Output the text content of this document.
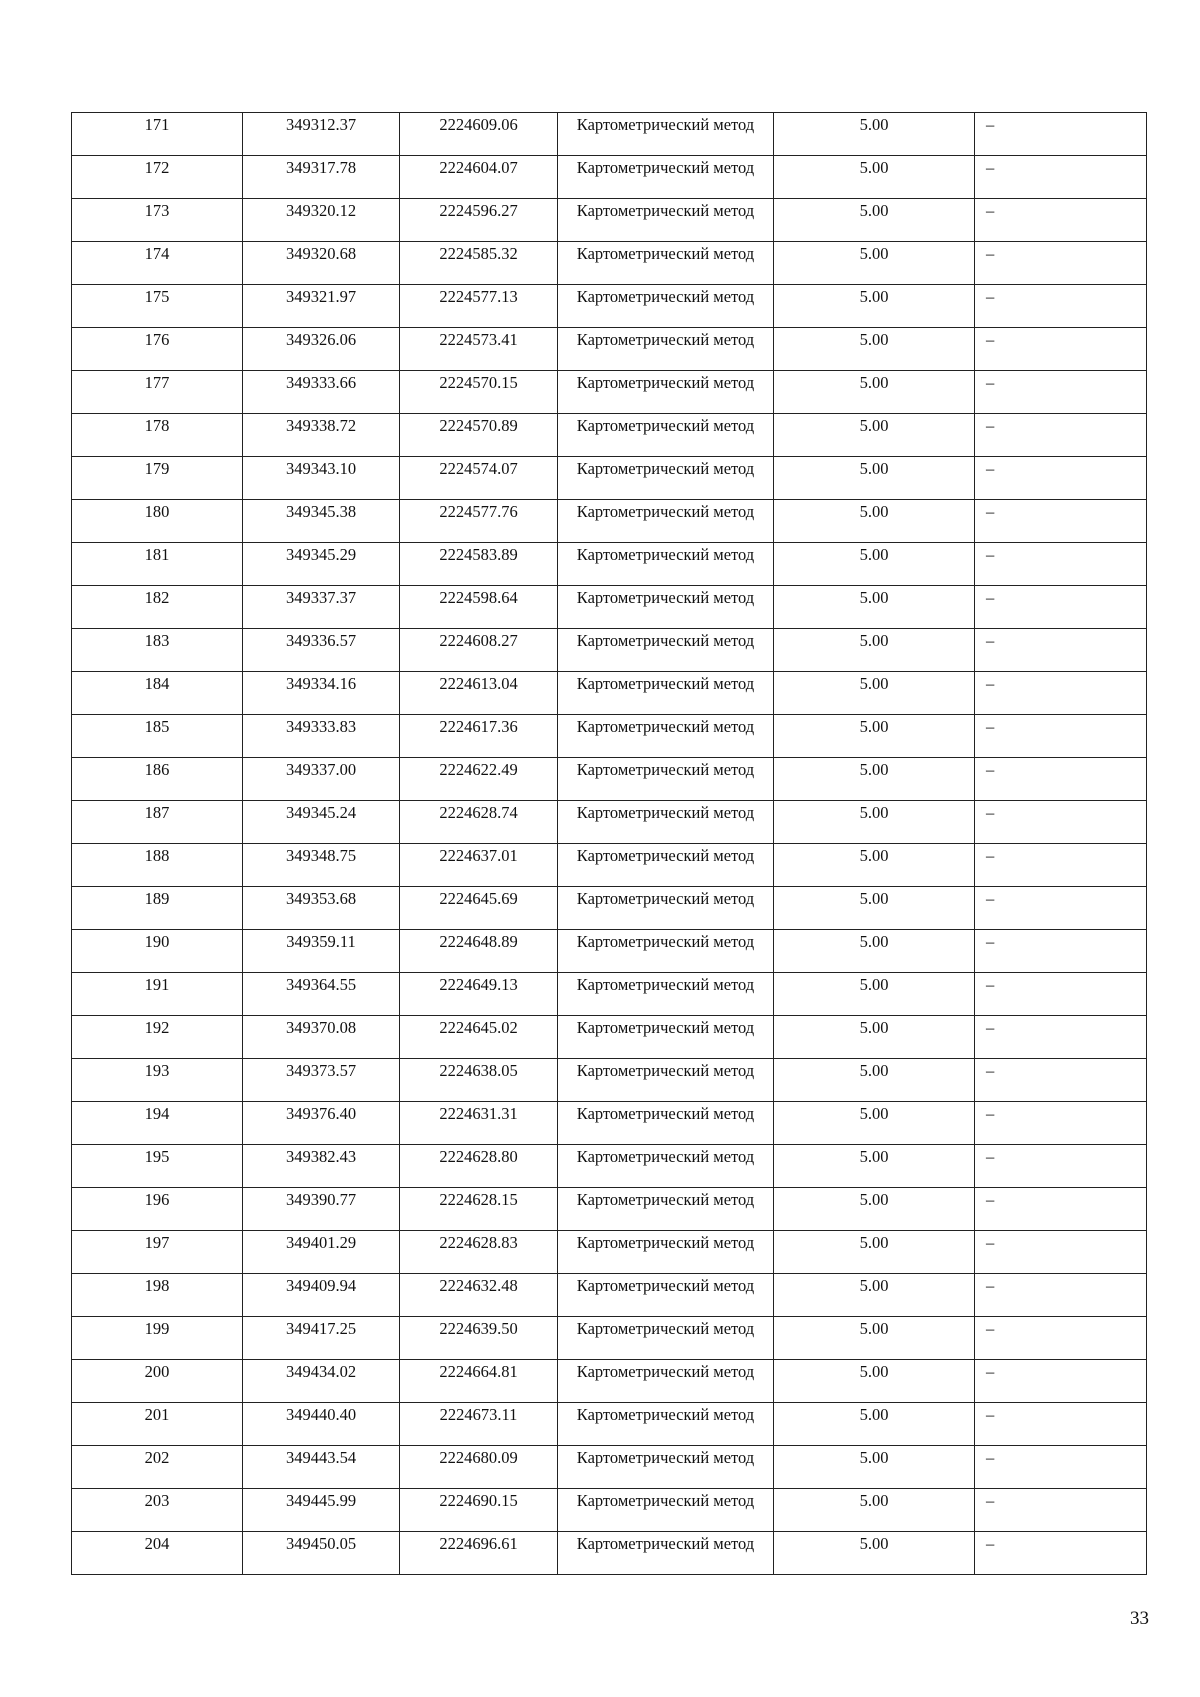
171	349312.37	2224609.06	Картометрический метод	5.00	–
172	349317.78	2224604.07	Картометрический метод	5.00	–
173	349320.12	2224596.27	Картометрический метод	5.00	–
174	349320.68	2224585.32	Картометрический метод	5.00	–
175	349321.97	2224577.13	Картометрический метод	5.00	–
176	349326.06	2224573.41	Картометрический метод	5.00	–
177	349333.66	2224570.15	Картометрический метод	5.00	–
178	349338.72	2224570.89	Картометрический метод	5.00	–
179	349343.10	2224574.07	Картометрический метод	5.00	–
180	349345.38	2224577.76	Картометрический метод	5.00	–
181	349345.29	2224583.89	Картометрический метод	5.00	–
182	349337.37	2224598.64	Картометрический метод	5.00	–
183	349336.57	2224608.27	Картометрический метод	5.00	–
184	349334.16	2224613.04	Картометрический метод	5.00	–
185	349333.83	2224617.36	Картометрический метод	5.00	–
186	349337.00	2224622.49	Картометрический метод	5.00	–
187	349345.24	2224628.74	Картометрический метод	5.00	–
188	349348.75	2224637.01	Картометрический метод	5.00	–
189	349353.68	2224645.69	Картометрический метод	5.00	–
190	349359.11	2224648.89	Картометрический метод	5.00	–
191	349364.55	2224649.13	Картометрический метод	5.00	–
192	349370.08	2224645.02	Картометрический метод	5.00	–
193	349373.57	2224638.05	Картометрический метод	5.00	–
194	349376.40	2224631.31	Картометрический метод	5.00	–
195	349382.43	2224628.80	Картометрический метод	5.00	–
196	349390.77	2224628.15	Картометрический метод	5.00	–
197	349401.29	2224628.83	Картометрический метод	5.00	–
198	349409.94	2224632.48	Картометрический метод	5.00	–
199	349417.25	2224639.50	Картометрический метод	5.00	–
200	349434.02	2224664.81	Картометрический метод	5.00	–
201	349440.40	2224673.11	Картометрический метод	5.00	–
202	349443.54	2224680.09	Картометрический метод	5.00	–
203	349445.99	2224690.15	Картометрический метод	5.00	–
204	349450.05	2224696.61	Картометрический метод	5.00	–
33
